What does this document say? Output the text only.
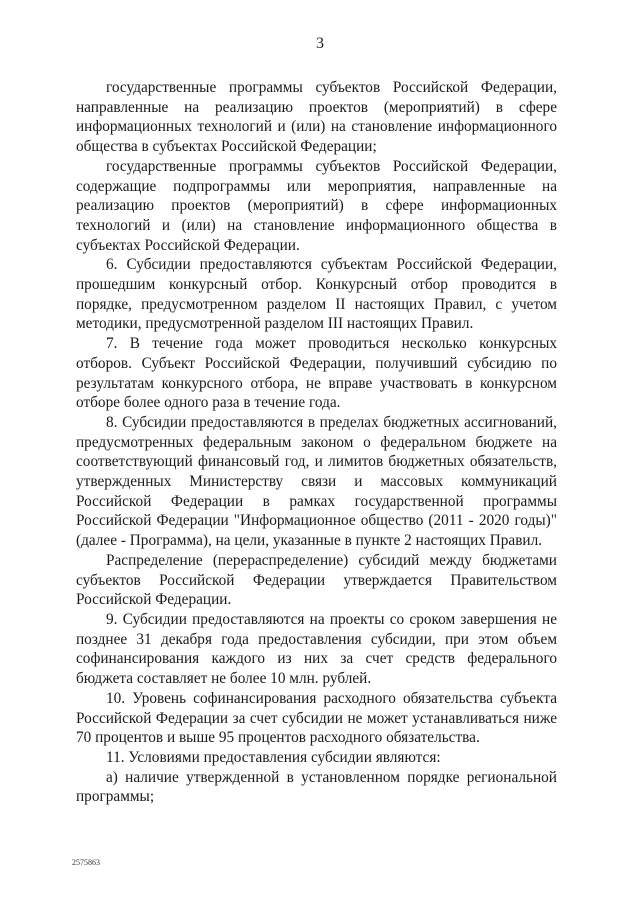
3

государственные программы субъектов Российской Федерации, направленные на реализацию проектов (мероприятий) в сфере информационных технологий и (или) на становление информационного общества в субъектах Российской Федерации;

государственные программы субъектов Российской Федерации, содержащие подпрограммы или мероприятия, направленные на реализацию проектов (мероприятий) в сфере информационных технологий и (или) на становление информационного общества в субъектах Российской Федерации.

6. Субсидии предоставляются субъектам Российской Федерации, прошедшим конкурсный отбор. Конкурсный отбор проводится в порядке, предусмотренном разделом II настоящих Правил, с учетом методики, предусмотренной разделом III настоящих Правил.

7. В течение года может проводиться несколько конкурсных отборов. Субъект Российской Федерации, получивший субсидию по результатам конкурсного отбора, не вправе участвовать в конкурсном отборе более одного раза в течение года.

8. Субсидии предоставляются в пределах бюджетных ассигнований, предусмотренных федеральным законом о федеральном бюджете на соответствующий финансовый год, и лимитов бюджетных обязательств, утвержденных Министерству связи и массовых коммуникаций Российской Федерации в рамках государственной программы Российской Федерации "Информационное общество (2011 - 2020 годы)" (далее - Программа), на цели, указанные в пункте 2 настоящих Правил.

Распределение (перераспределение) субсидий между бюджетами субъектов Российской Федерации утверждается Правительством Российской Федерации.

9. Субсидии предоставляются на проекты со сроком завершения не позднее 31 декабря года предоставления субсидии, при этом объем софинансирования каждого из них за счет средств федерального бюджета составляет не более 10 млн. рублей.

10. Уровень софинансирования расходного обязательства субъекта Российской Федерации за счет субсидии не может устанавливаться ниже 70 процентов и выше 95 процентов расходного обязательства.

11. Условиями предоставления субсидии являются:

а) наличие утвержденной в установленном порядке региональной программы;

2575863
